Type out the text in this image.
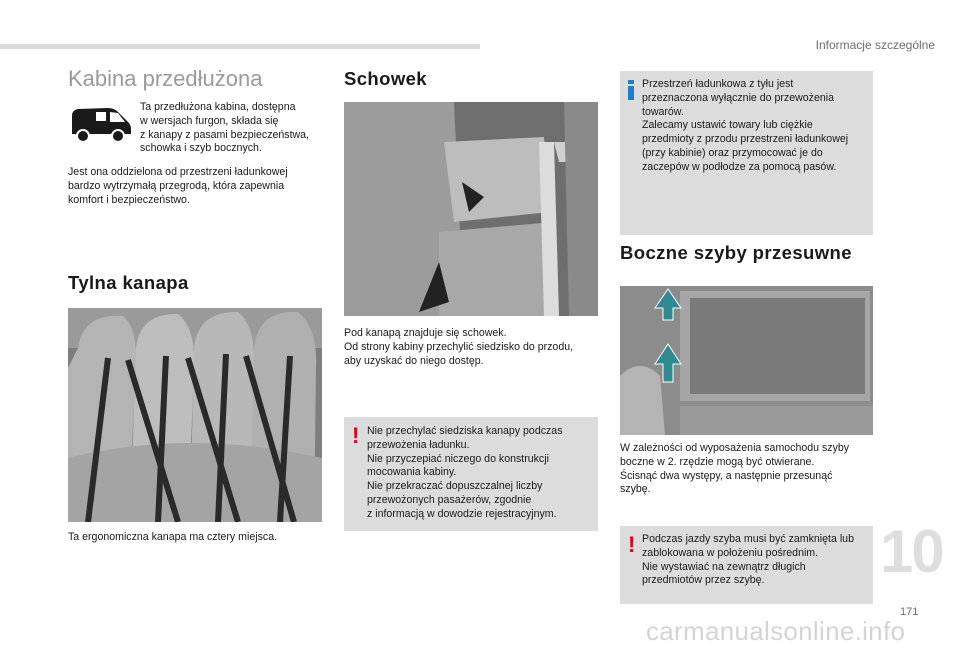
Informacje szczególne
Kabina przedłużona

Ta przedłużona kabina, dostępna

w wersjach furgon, składa się

z kanapy z pasami bezpieczeństwa,

schowka i szyb bocznych.

Jest ona oddzielona od przestrzeni ładunkowej

bardzo wytrzymałą przegrodą, która zapewnia

komfort i bezpieczeństwo.

Tylna kanapa
Ta ergonomiczna kanapa ma cztery miejsca.
Schowek

Pod kanapą znajduje się schowek.

Od strony kabiny przechylić siedzisko do przodu,

aby uzyskać do niego dostęp.

! Nie przechylać siedziska kanapy podczas

przewożenia ładunku.

Nie przyczepiać niczego do konstrukcji

mocowania kabiny.

Nie przekraczać dopuszczalnej liczby

przewożonych pasażerów, zgodnie

z informacją w dowodzie rejestracyjnym.

Przestrzeń ładunkowa z tyłu jest

przeznaczona wyłącznie do przewożenia

towarów.

Zalecamy ustawić towary lub ciężkie

przedmioty z przodu przestrzeni ładunkowej

(przy kabinie) oraz przymocować je do

zaczepów w podłodze za pomocą pasów.

Boczne szyby przesuwne

W zależności od wyposażenia samochodu szyby

boczne w 2. rzędzie mogą być otwierane.

Ścisnąć dwa występy, a następnie przesunąć

szybę.

! Podczas jazdy szyba musi być zamknięta lub

zablokowana w położeniu pośrednim.

Nie wystawiać na zewnątrz długich

przedmiotów przez szybę.	10
171
carmanualsonline.info
